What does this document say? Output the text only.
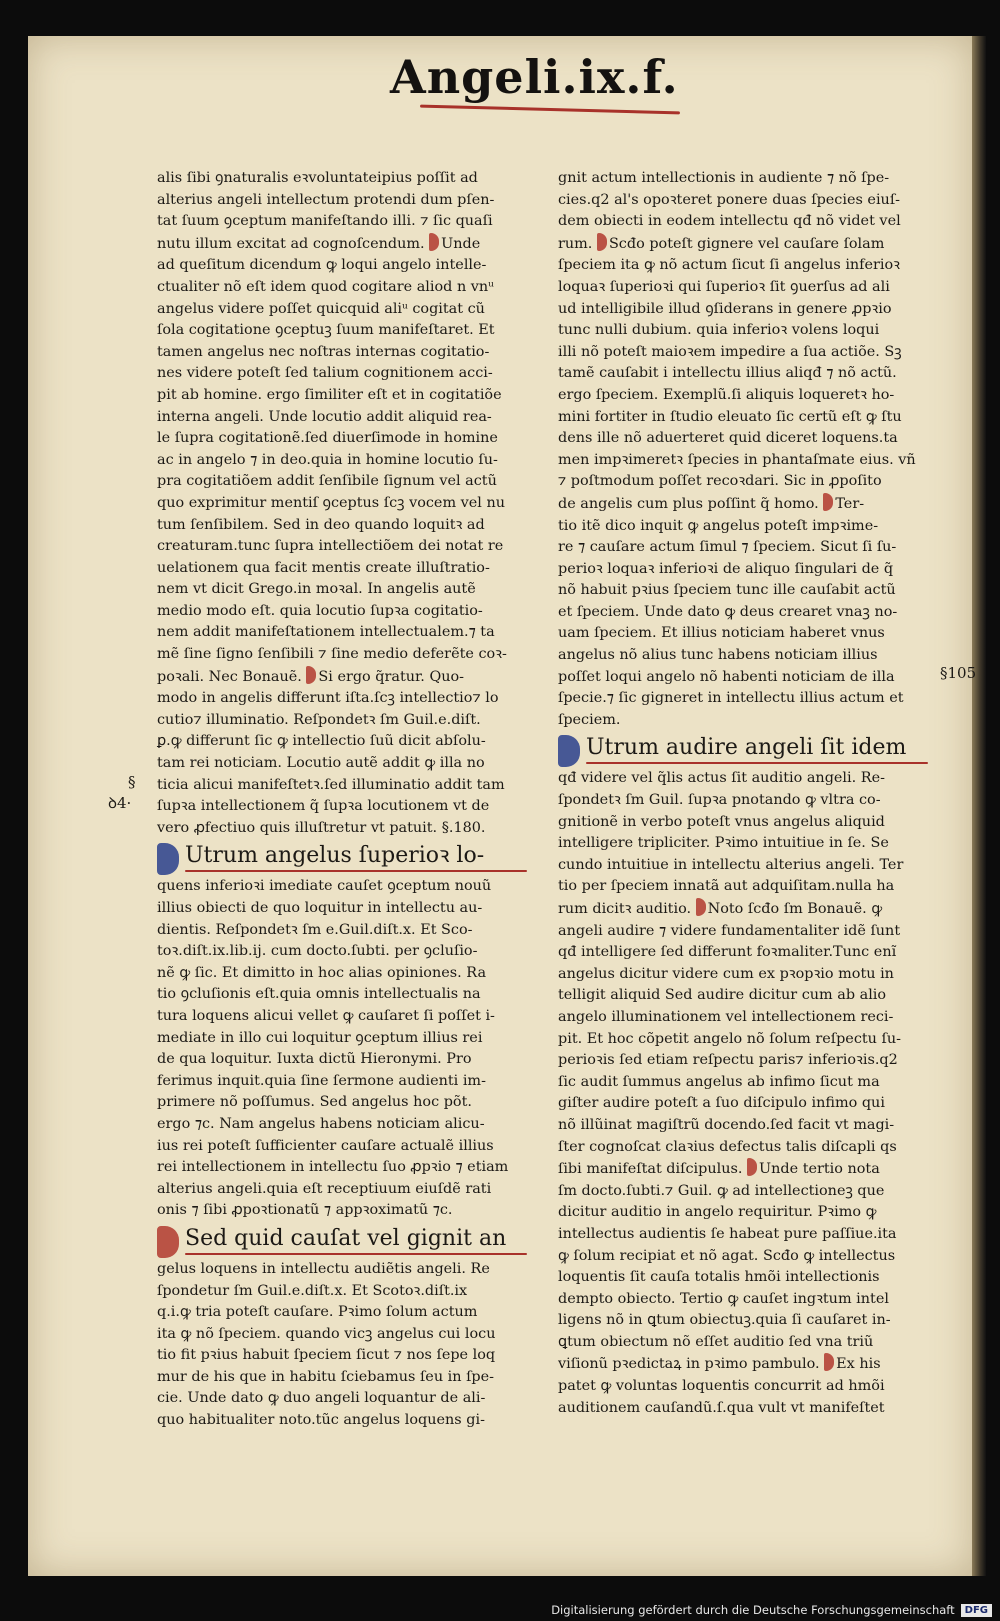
Angeli.ix.f.
§
ꝺ4·
§105

alis ſibi ꝯnaturalis eꝛvoluntateipius poſſit ad
alterius angeli intellectum protendi dum pſen‑
tat ſuum ꝯceptum manifeſtando illi. ⁊ ſic quaſi
nutu illum excitat ad cognoſcendum. Unde
ad queſitum dicendum ꝙ loqui angelo intelle‑
ctualiter nõ eſt idem quod cogitare aliod n vnᵘ
angelus videre poſſet quicquid aliᵘ cogitat cũ
ſola cogitatione ꝯceptuꝫ ſuum manifeſtaret. Et
tamen angelus nec noſtras internas cogitatio‑
nes videre poteſt ſed talium cognitionem acci‑
pit ab homine. ergo ſimiliter eſt et in cogitatiõe
interna angeli. Unde locutio addit aliquid rea‑
le ſupra cogitationẽ.ſed diuerſimode in homine
ac in angelo ⁊ in deo.quia in homine locutio ſu‑
pra cogitatiõem addit ſenſibile ſignum vel actũ
quo exprimitur mentiſ ꝯceptus ſcꝫ vocem vel nu
tum ſenſibilem. Sed in deo quando loquitꝛ ad
creaturam.tunc ſupra intellectiõem dei notat re
uelationem qua facit mentis create illuſtratio‑
nem vt dicit Grego.in moꝛal. In angelis autẽ
medio modo eſt. quia locutio ſupꝛa cogitatio‑
nem addit manifeſtationem intellectualem.⁊ ta
mẽ ſine ſigno ſenſibili ⁊ ſine medio deferẽte coꝛ‑
poꝛali. Nec Bonauẽ. Si ergo q̃ratur. Quo‑
modo in angelis differunt iſta.ſcꝫ intellectio⁊ lo
cutio⁊ illuminatio. Reſpondetꝛ ſm Guil.e.diſt.
ꝑ.ꝙ differunt ſic ꝙ intellectio ſuũ dicit abſolu‑
tam rei noticiam. Locutio autẽ addit ꝙ illa no
ticia alicui manifeſtetꝛ.ſed illuminatio addit tam
ſupꝛa intellectionem q̃ ſupꝛa locutionem vt de
vero ꝓfectiuo quis illuſtretur vt patuit. §.180.

Utrum angelus ſuperioꝛ lo‑

quens inferioꝛi imediate cauſet ꝯceptum nouũ
illius obiecti de quo loquitur in intellectu au‑
dientis. Reſpondetꝛ ſm e.Guil.diſt.x. Et Sco‑
toꝛ.diſt.ix.lib.ij. cum docto.ſubti. per ꝯcluſio‑
nẽ ꝙ ſic. Et dimitto in hoc alias opiniones. Ra
tio ꝯcluſionis eſt.quia omnis intellectualis na
tura loquens alicui vellet ꝙ cauſaret ſi poſſet i‑
mediate in illo cui loquitur ꝯceptum illius rei
de qua loquitur. Iuxta dictũ Hieronymi. Pro
ferimus inquit.quia ſine ſermone audienti im‑
primere nõ poſſumus. Sed angelus hoc põt.
ergo ⁊c. Nam angelus habens noticiam alicu‑
ius rei poteſt ſufficienter cauſare actualẽ illius
rei intellectionem in intellectu ſuo ꝓpꝛio ⁊ etiam
alterius angeli.quia eſt receptiuum eiuſdẽ rati
onis ⁊ ſibi ꝓpoꝛtionatũ ⁊ appꝛoximatũ ⁊c.

Sed quid cauſat vel gignit an

gelus loquens in intellectu audiẽtis angeli. Re
ſpondetur ſm Guil.e.diſt.x. Et Scotoꝛ.diſt.ix
q.i.ꝙ tria poteſt cauſare. Pꝛimo ſolum actum
ita ꝙ nõ ſpeciem. quando vicꝫ angelus cui locu
tio fit pꝛius habuit ſpeciem ſicut ⁊ nos ſepe loq
mur de his que in habitu ſciebamus ſeu in ſpe‑
cie. Unde dato ꝙ duo angeli loquantur de ali‑
quo habitualiter noto.tũc angelus loquens gi‑

gnit actum intellectionis in audiente ⁊ nõ ſpe‑
cies.q2 al's opoꝛteret ponere duas ſpecies eiuſ‑
dem obiecti in eodem intellectu qđ nõ videt vel
rum. Scđo poteſt gignere vel cauſare ſolam
ſpeciem ita ꝙ nõ actum ſicut ſi angelus inferioꝛ
loquaꝛ ſuperioꝛi qui ſuperioꝛ ſit ꝯuerſus ad ali
ud intelligibile illud ꝯſiderans in genere ꝓpꝛio
tunc nulli dubium. quia inferioꝛ volens loqui
illi nõ poteſt maioꝛem impedire a ſua actiõe. Sꝫ
tamẽ cauſabit i intellectu illius aliqđ ⁊ nõ actũ.
ergo ſpeciem. Exemplũ.ſi aliquis loqueretꝛ ho‑
mini fortiter in ſtudio eleuato ſic certũ eſt ꝙ ſtu
dens ille nõ aduerteret quid diceret loquens.ta
men impꝛimeretꝛ ſpecies in phantaſmate eius. vñ
⁊ poſtmodum poſſet recoꝛdari. Sic in ꝓpoſito
de angelis cum plus poſſint q̃ homo. Ter‑
tio itẽ dico inquit ꝙ angelus poteſt impꝛime‑
re ⁊ cauſare actum ſimul ⁊ ſpeciem. Sicut ſi ſu‑
perioꝛ loquaꝛ inferioꝛi de aliquo ſingulari de q̃
nõ habuit pꝛius ſpeciem tunc ille cauſabit actũ
et ſpeciem. Unde dato ꝙ deus crearet vnaꝫ no‑
uam ſpeciem. Et illius noticiam haberet vnus
angelus nõ alius tunc habens noticiam illius
poſſet loqui angelo nõ habenti noticiam de illa
ſpecie.⁊ ſic gigneret in intellectu illius actum et
ſpeciem.

Utrum audire angeli ſit idem

qđ videre vel q̃lis actus ſit auditio angeli. Re‑
ſpondetꝛ ſm Guil. ſupꝛa pnotando ꝙ vltra co‑
gnitionẽ in verbo poteſt vnus angelus aliquid
intelligere tripliciter. Pꝛimo intuitiue in ſe. Se
cundo intuitiue in intellectu alterius angeli. Ter
tio per ſpeciem innatã aut adquiſitam.nulla ha
rum dicitꝛ auditio. Noto ſcđo ſm Bonauẽ. ꝙ
angeli audire ⁊ videre fundamentaliter idẽ ſunt
qđ intelligere ſed differunt foꝛmaliter.Tunc enĩ
angelus dicitur videre cum ex pꝛopꝛio motu in
telligit aliquid Sed audire dicitur cum ab alio
angelo illuminationem vel intellectionem reci‑
pit. Et hoc cõpetit angelo nõ ſolum reſpectu ſu‑
perioꝛis ſed etiam reſpectu paris⁊ inferioꝛis.q2
ſic audit ſummus angelus ab infimo ſicut ma
giſter audire poteſt a ſuo diſcipulo infimo qui
nõ illũinat magiſtrũ docendo.ſed facit vt magi‑
ſter cognoſcat claꝛius defectus talis diſcapli qs
ſibi manifeſtat diſcipulus. Unde tertio nota
ſm docto.ſubti.⁊ Guil. ꝙ ad intellectioneꝫ que
dicitur auditio in angelo requiritur. Pꝛimo ꝙ
intellectus audientis ſe habeat pure paſſiue.ita
ꝙ ſolum recipiat et nõ agat. Scđo ꝙ intellectus
loquentis ſit cauſa totalis hmõi intellectionis
dempto obiecto. Tertio ꝙ cauſet ingꝛtum intel
ligens nõ in ꝗtum obiectuꝫ.quia ſi cauſaret in‑
ꝗtum obiectum nõ eſſet auditio ſed vna triũ
viſionũ pꝛedictaꝝ in pꝛimo pambulo. Ex his
patet ꝙ voluntas loquentis concurrit ad hmõi
auditionem cauſandũ.ſ.qua vult vt manifeſtet

Digitalisierung gefördert durch die Deutsche Forschungsgemeinschaft	DFG
